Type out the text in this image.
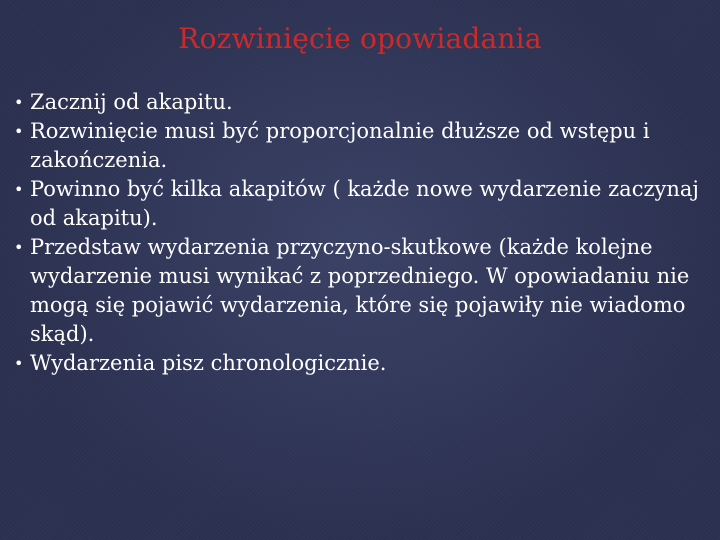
Rozwinięcie opowiadania
• Zacznij od akapitu.
• Rozwinięcie musi być proporcjonalnie dłuższe od wstępu i zakończenia.
• Powinno być kilka akapitów ( każde nowe wydarzenie zaczynaj od akapitu).
• Przedstaw wydarzenia przyczyno-skutkowe (każde kolejne wydarzenie musi wynikać z poprzedniego. W opowiadaniu nie mogą się pojawić wydarzenia, które się pojawiły nie wiadomo skąd).
• Wydarzenia pisz chronologicznie.
